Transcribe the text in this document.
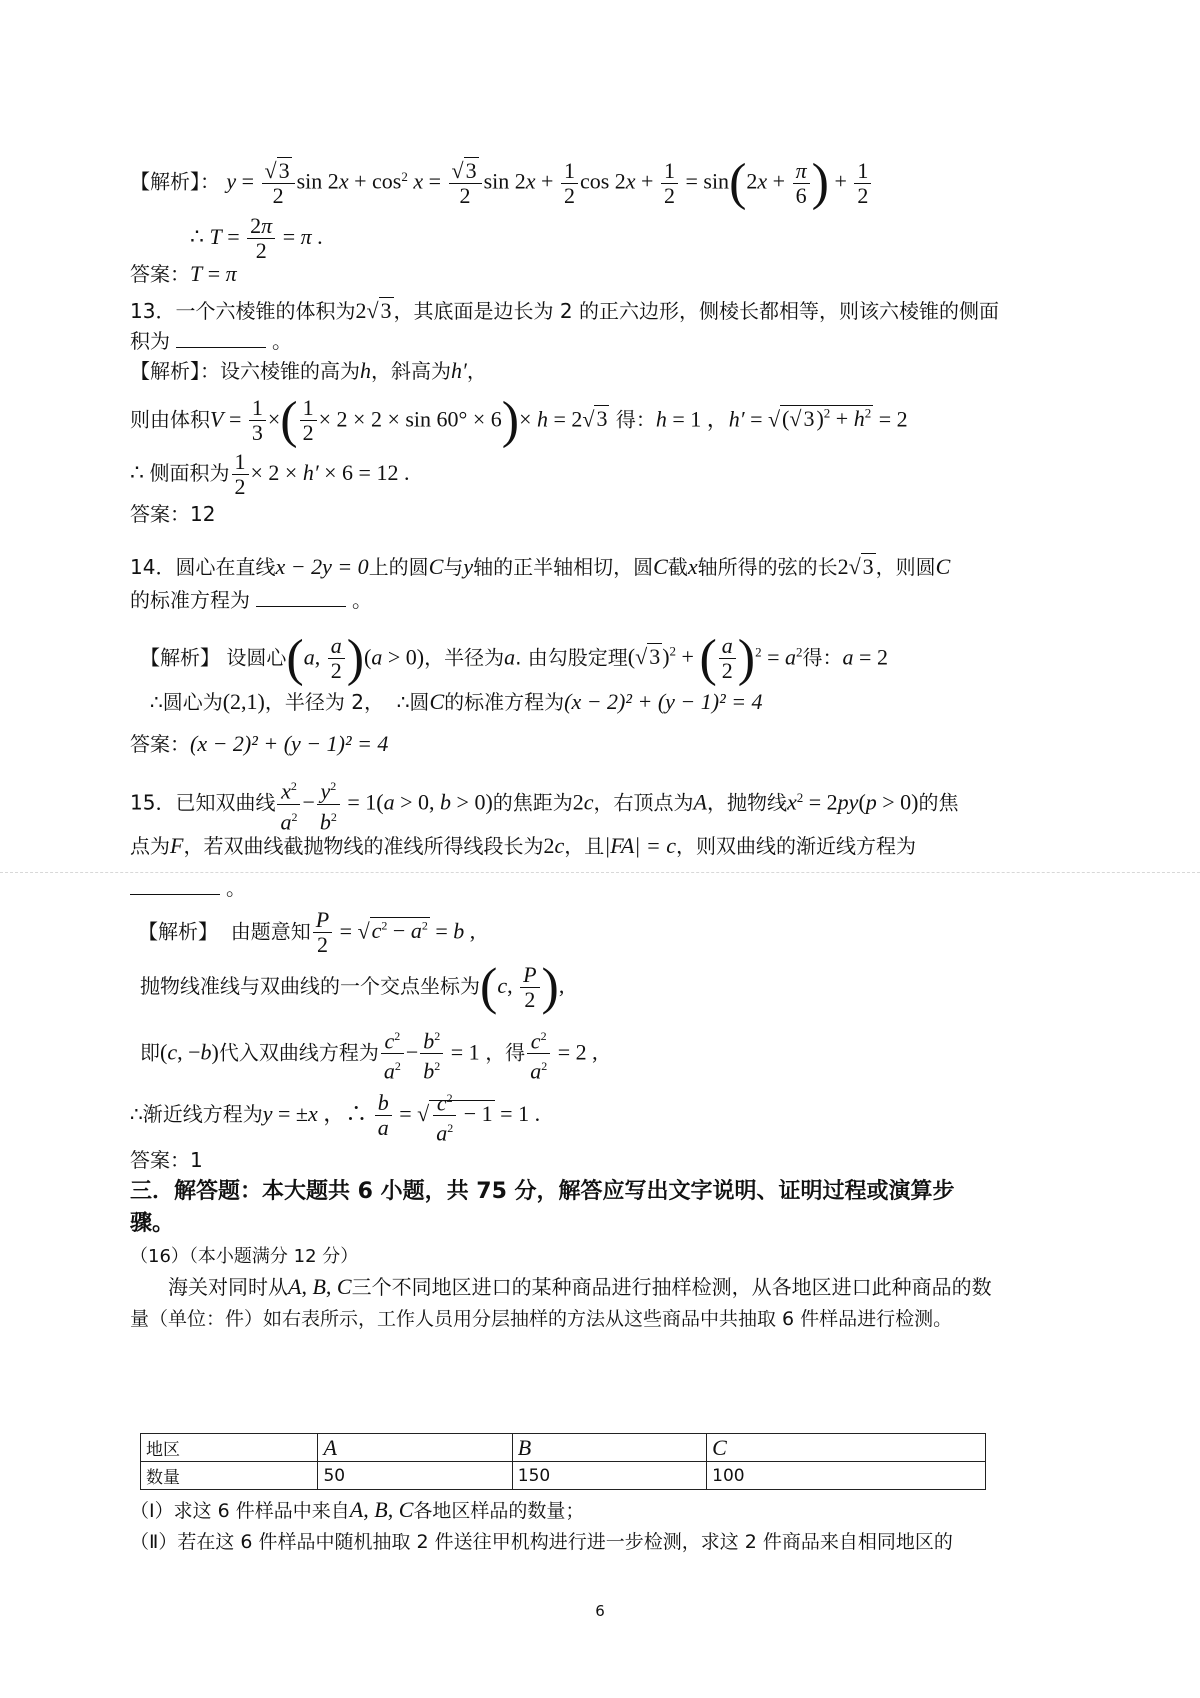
【解析】： $y = \frac{√3}{2}$ $\sin 2x + \cos^2 x = \frac{√3}{2}$ $\sin 2x + \frac{1}{2}$ $\cos 2x + \frac{1}{2} = \sin(2x + \frac{\pi}{6}$ ) + $\frac{1}{2}$
∴ $T = \frac{2\pi}{2} = \pi$ .
答案：T = π
13．一个六棱锥的体积为2√3 ，其底面是边长为 2 的正六边形，侧棱长都相等，则该六棱锥的侧面
积为	。
【解析】：设六棱锥的高为h，斜高为h′，
则由体积$V = \frac{1}{3}$ ×( $\frac{1}{2} \times 2 \times 2 \times \sin 60^\circ \times 6)\times h = 2√3$ 得：h = 1 ，$h' = √(√3)^2 + h^2 = 2$
∴ 侧面积为 $\frac{1}{2} \times 2 \times h' \times 6 = 12$ .
答案：12
14．圆心在直线x − 2y = 0上的圆C与y轴的正半轴相切，圆C截x轴所得的弦的长2√3 ，则圆C
的标准方程为	。
【解析】 设圆心(a, $\frac{a}{2} )(a > 0)$，半径为a. 由勾股定理$(√3)^2$ + ( $\frac{a}{2} )^2 = a^2$得：a = 2
∴圆心为(2,1)，半径为 2， ∴圆C的标准方程为(x − 2)² + (y − 1)² = 4
答案：(x − 2)² + (y − 1)² = 4
15．已知双曲线 $\frac{x^2}{a^2} - \frac{y^2}{b^2} = 1(a > 0$, b > 0)的焦距为2c，右顶点为A，抛物线$x^2 = 2py(p > 0)$的焦
点为F，若双曲线截抛物线的准线所得线段长为2c，且|FA| = c，则双曲线的渐近线方程为
。
【解析】 由题意知 $\frac{P}{2} = √c^2 - a^2 = b$ ,
抛物线准线与双曲线的一个交点坐标为(c, $\frac{P}{2}$ ),
即(c, −b)代入双曲线方程为 $\frac{c^2}{a^2} - \frac{b^2}{b^2} = 1$ ，得 $\frac{c^2}{a^2} = 2$ ,
∴渐近线方程为y = ±x ，∴ $\frac{b}{a}$ = √ $\frac{c^2}{a^2} - 1 = 1$ .
答案：1
三．解答题：本大题共 6 小题，共 75 分，解答应写出文字说明、证明过程或演算步
骤。
（16）（本小题满分 12 分）
海关对同时从A, B, C三个不同地区进口的某种商品进行抽样检测，从各地区进口此种商品的数
量（单位：件）如右表所示，工作人员用分层抽样的方法从这些商品中共抽取 6 件样品进行检测。
地区	A	B	C
数量	50	150	100
（Ⅰ）求这 6 件样品中来自A, B, C各地区样品的数量；
（Ⅱ）若在这 6 件样品中随机抽取 2 件送往甲机构进行进一步检测，求这 2 件商品来自相同地区的
6
